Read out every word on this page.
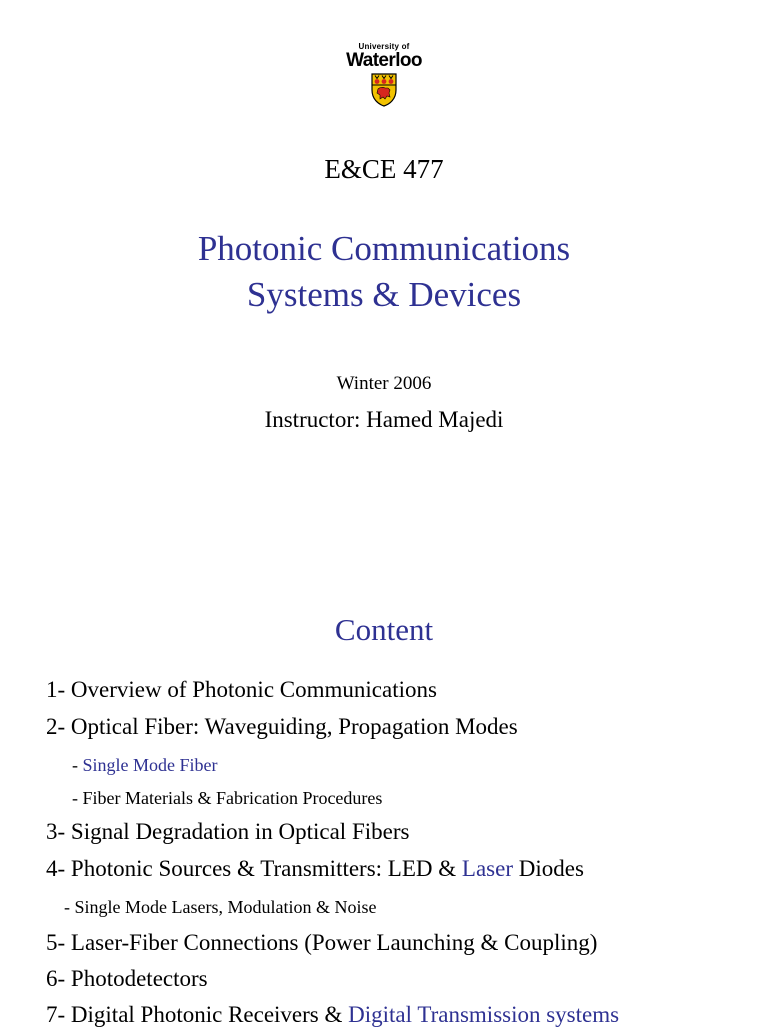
University of
Waterloo
E&CE 477
Photonic Communications
Systems & Devices
Winter 2006
Instructor: Hamed Majedi
Content
1- Overview of Photonic Communications
2- Optical Fiber: Waveguiding, Propagation Modes
- Single Mode Fiber
- Fiber Materials & Fabrication Procedures
3- Signal Degradation in Optical Fibers
4- Photonic Sources & Transmitters: LED & Laser Diodes
- Single Mode Lasers, Modulation & Noise
5- Laser-Fiber Connections (Power Launching & Coupling)
6- Photodetectors
7- Digital Photonic Receivers & Digital Transmission systems
